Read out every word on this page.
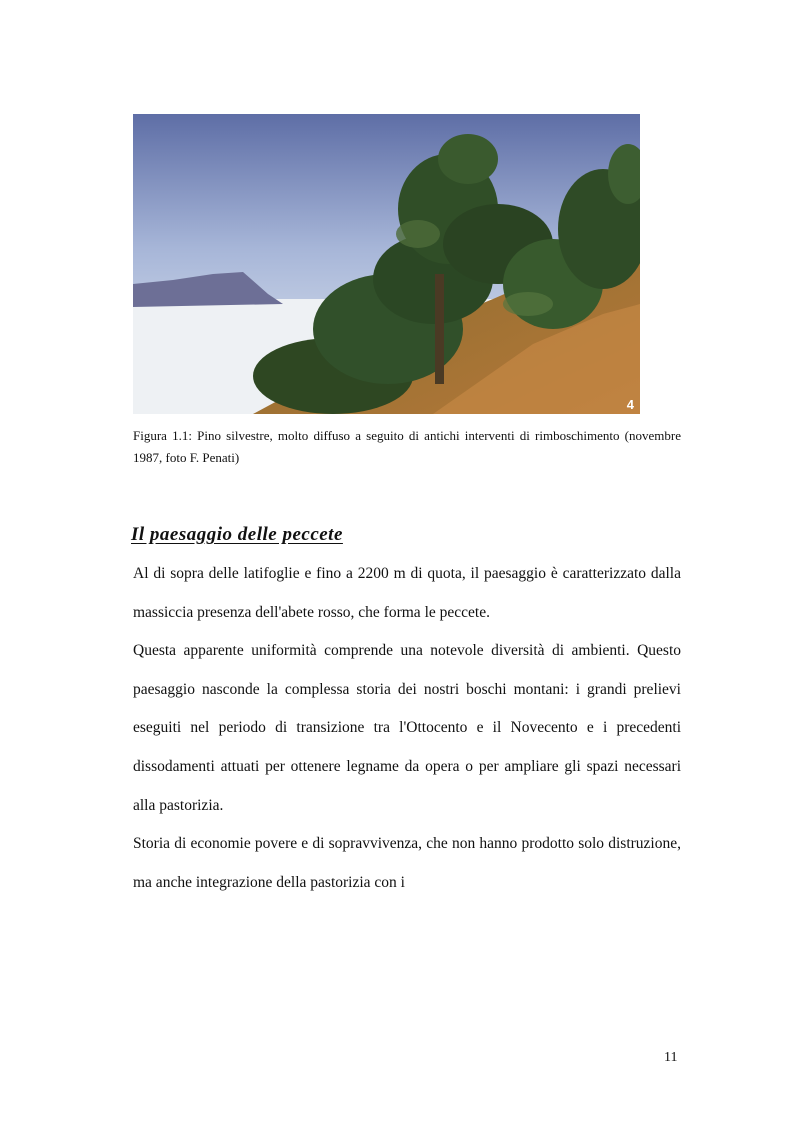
4
Figura 1.1: Pino silvestre, molto diffuso a seguito di antichi interventi di rimboschimento (novembre 1987, foto F. Penati)
Il paesaggio delle peccete

Al di sopra delle latifoglie e fino a 2200 m di quota, il paesaggio è caratterizzato dalla massiccia presenza dell'abete rosso, che forma le peccete.

Questa apparente uniformità comprende una notevole diversità di ambienti. Questo paesaggio nasconde la complessa storia dei nostri boschi montani: i grandi prelievi eseguiti nel periodo di transizione tra l'Ottocento e il Novecento e i precedenti dissodamenti attuati per ottenere legname da opera o per ampliare gli spazi necessari alla pastorizia.

Storia di economie povere e di sopravvivenza, che non hanno prodotto solo distruzione, ma anche integrazione della pastorizia con i

11
